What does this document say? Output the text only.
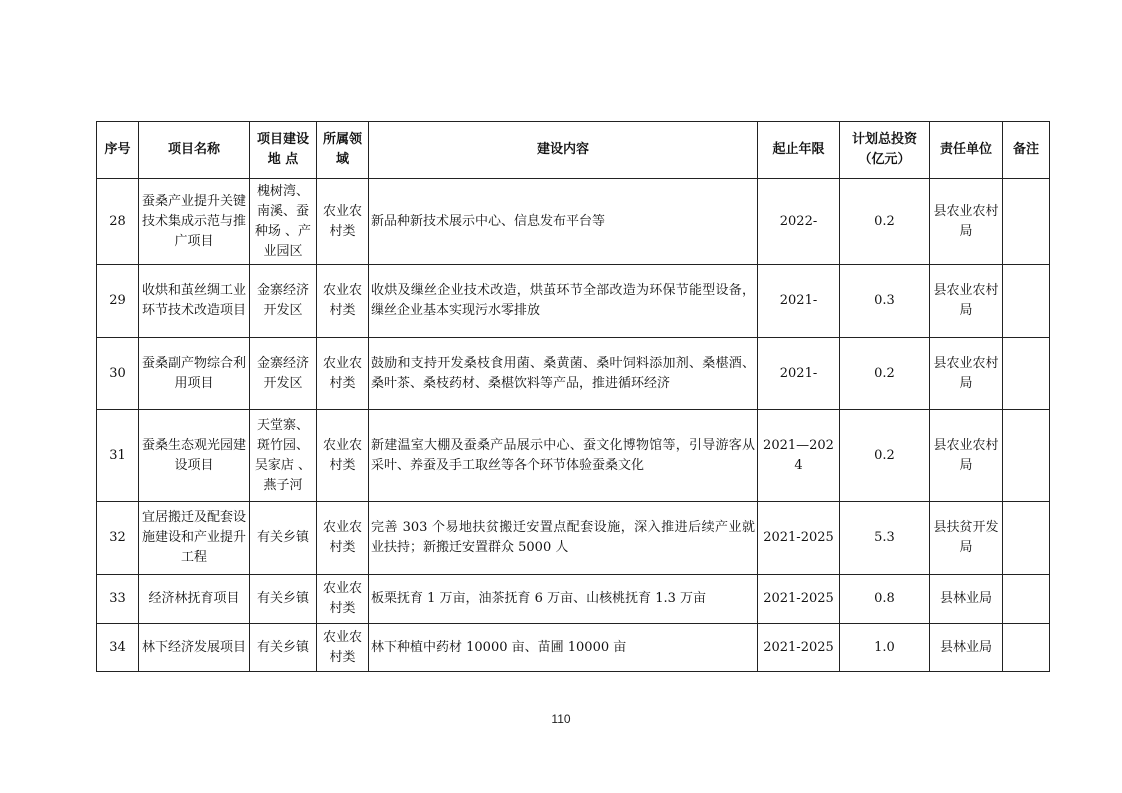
序号	项目名称	项目建设地 点	所属领域	建设内容	起止年限	计划总投资（亿元）	责任单位	备注
28	蚕桑产业提升关键技术集成示范与推广项目	槐树湾、南溪、蚕种场 、产业园区	农业农村类	新品种新技术展示中心、信息发布平台等	2022-	0.2	县农业农村局	
29	收烘和茧丝绸工业环节技术改造项目	金寨经济开发区	农业农村类	收烘及缫丝企业技术改造，烘茧环节全部改造为环保节能型设备，缫丝企业基本实现污水零排放	2021-	0.3	县农业农村局	
30	蚕桑副产物综合利用项目	金寨经济开发区	农业农村类	鼓励和支持开发桑枝食用菌、桑黄菌、桑叶饲料添加剂、桑椹酒、桑叶茶、桑枝药材、桑椹饮料等产品，推进循环经济	2021-	0.2	县农业农村局	
31	蚕桑生态观光园建设项目	天堂寨、斑竹园、吴家店 、燕子河	农业农村类	新建温室大棚及蚕桑产品展示中心、蚕文化博物馆等，引导游客从采叶、养蚕及手工取丝等各个环节体验蚕桑文化	2021—2024	0.2	县农业农村局	
32	宜居搬迁及配套设施建设和产业提升工程	有关乡镇	农业农村类	完善 303 个易地扶贫搬迁安置点配套设施，深入推进后续产业就业扶持；新搬迁安置群众 5000 人	2021-2025	5.3	县扶贫开发局	
33	经济林抚育项目	有关乡镇	农业农村类	板栗抚育 1 万亩，油茶抚育 6 万亩、山核桃抚育 1.3 万亩	2021-2025	0.8	县林业局	
34	林下经济发展项目	有关乡镇	农业农村类	林下种植中药材 10000 亩、苗圃 10000 亩	2021-2025	1.0	县林业局	
110
